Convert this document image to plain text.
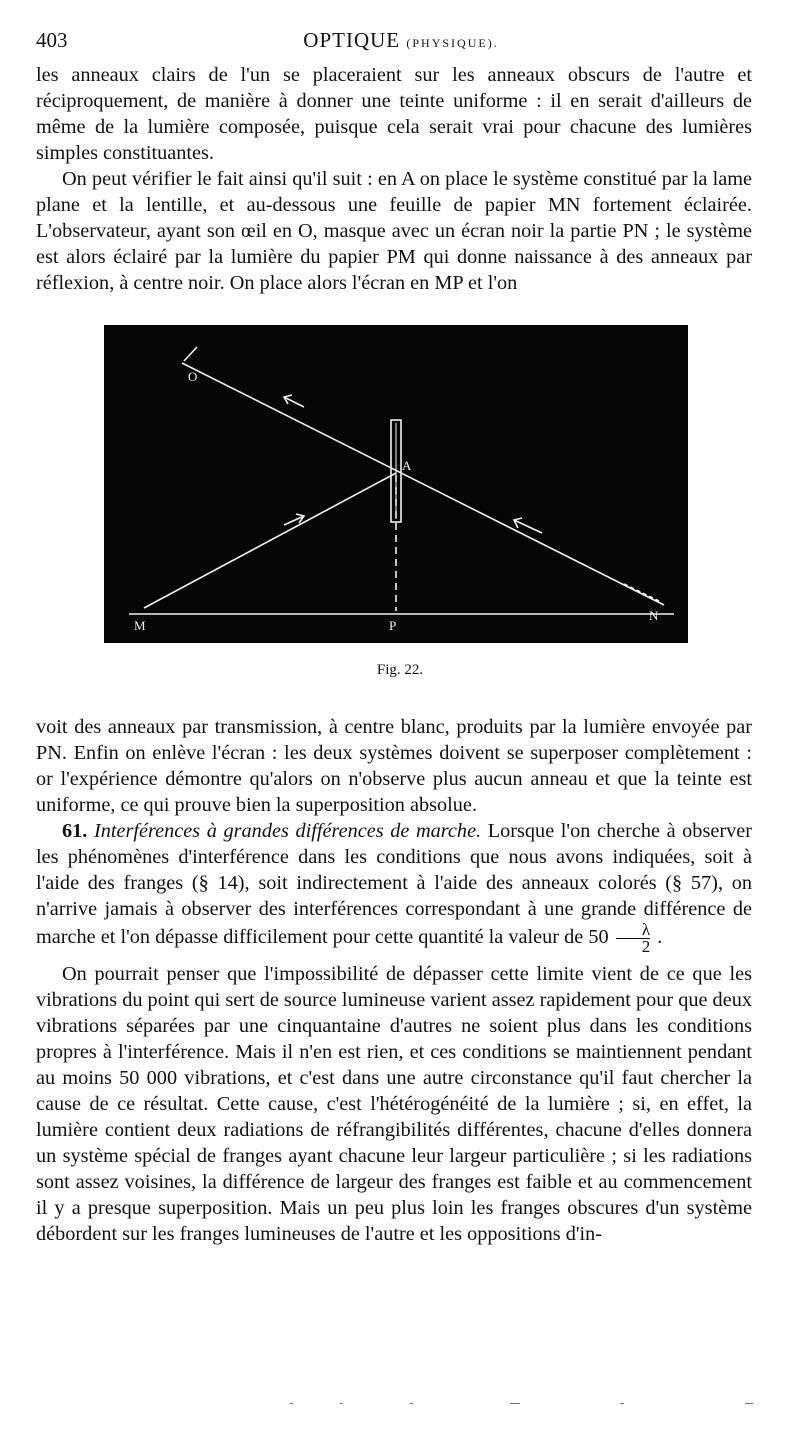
403	OPTIQUE (PHYSIQUE).

les anneaux clairs de l'un se placeraient sur les anneaux obscurs de l'autre et réciproquement, de manière à donner une teinte uniforme : il en serait d'ailleurs de même de la lumière composée, puisque cela serait vrai pour chacune des lumières simples constituantes.

On peut vérifier le fait ainsi qu'il suit : en A on place le système constitué par la lame plane et la lentille, et au-dessous une feuille de papier MN fortement éclairée. L'observateur, ayant son œil en O, masque avec un écran noir la partie PN ; le système est alors éclairé par la lumière du papier PM qui donne naissance à des anneaux par réflexion, à centre noir. On place alors l'écran en MP et l'on

O
A
M	P
N
Fig. 22.

voit des anneaux par transmission, à centre blanc, produits par la lumière envoyée par PN. Enfin on enlève l'écran : les deux systèmes doivent se superposer complètement : or l'expérience démontre qu'alors on n'observe plus aucun anneau et que la teinte est uniforme, ce qui prouve bien la superposition absolue.

61. Interférences à grandes différences de marche. Lorsque l'on cherche à observer les phénomènes d'interférence dans les conditions que nous avons indiquées, soit à l'aide des franges (§ 14), soit indirectement à l'aide des anneaux colorés (§ 57), on n'arrive jamais à observer des interférences correspondant à une grande différence de marche et l'on dépasse difficilement pour cette quantité la valeur de $50 \frac{\lambda}{2}$ .

On pourrait penser que l'impossibilité de dépasser cette limite vient de ce que les vibrations du point qui sert de source lumineuse varient assez rapidement pour que deux vibrations séparées par une cinquantaine d'autres ne soient plus dans les conditions propres à l'interférence. Mais il n'en est rien, et ces conditions se maintiennent pendant au moins 50 000 vibrations, et c'est dans une autre circonstance qu'il faut chercher la cause de ce résultat. Cette cause, c'est l'hétérogénéité de la lumière ; si, en effet, la lumière contient deux radiations de réfrangibilités différentes, chacune d'elles donnera un système spécial de franges ayant chacune leur largeur particulière ; si les radiations sont assez voisines, la différence de largeur des franges est faible et au commencement il y a presque superposition. Mais un peu plus loin les franges obscures d'un système débordent sur les franges lumineuses de l'autre et les oppositions d'in-
